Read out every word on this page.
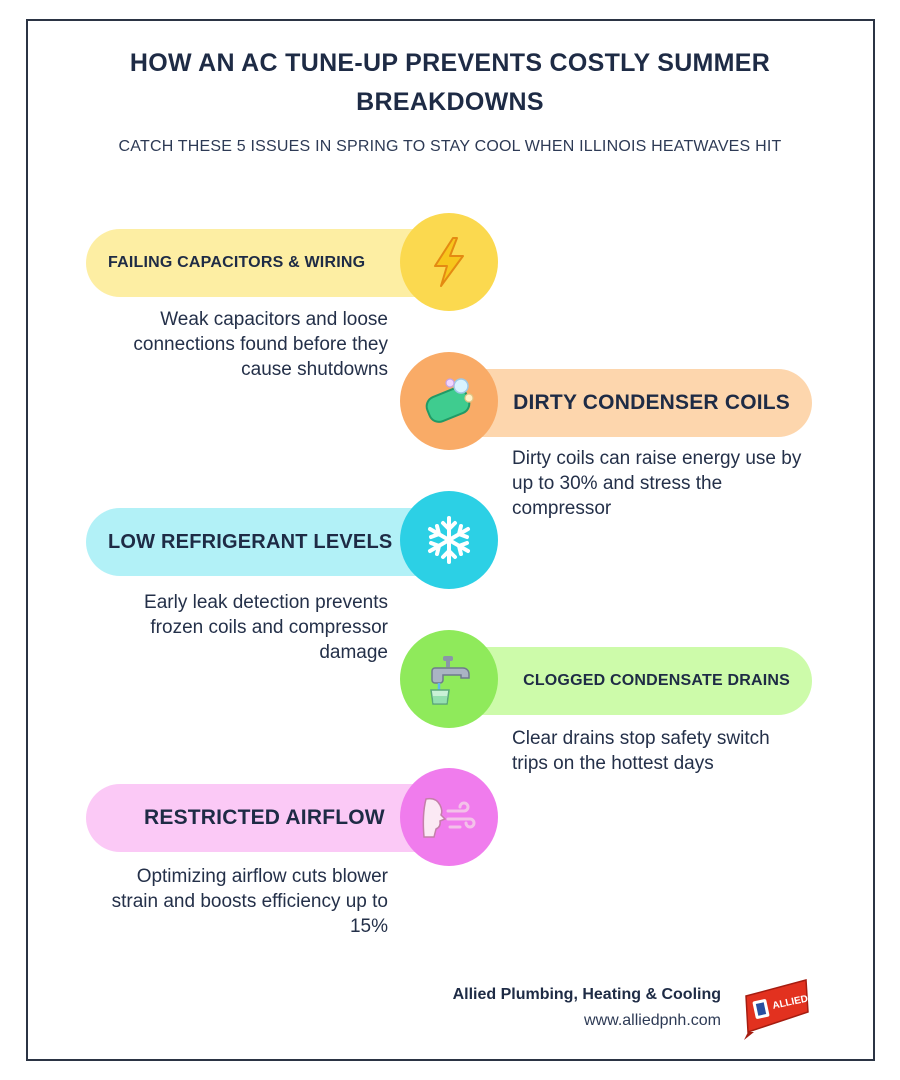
HOW AN AC TUNE-UP PREVENTS COSTLY SUMMER BREAKDOWNS
CATCH THESE 5 ISSUES IN SPRING TO STAY COOL WHEN ILLINOIS HEATWAVES HIT
FAILING CAPACITORS & WIRING
Weak capacitors and loose connections found before they cause shutdowns
DIRTY CONDENSER COILS
Dirty coils can raise energy use by up to 30% and stress the compressor
LOW REFRIGERANT LEVELS
Early leak detection prevents frozen coils and compressor damage
CLOGGED CONDENSATE DRAINS
Clear drains stop safety switch trips on the hottest days
RESTRICTED AIRFLOW
Optimizing airflow cuts blower strain and boosts efficiency up to 15%
Allied Plumbing, Heating & Cooling
www.alliedpnh.com
ALLIED
